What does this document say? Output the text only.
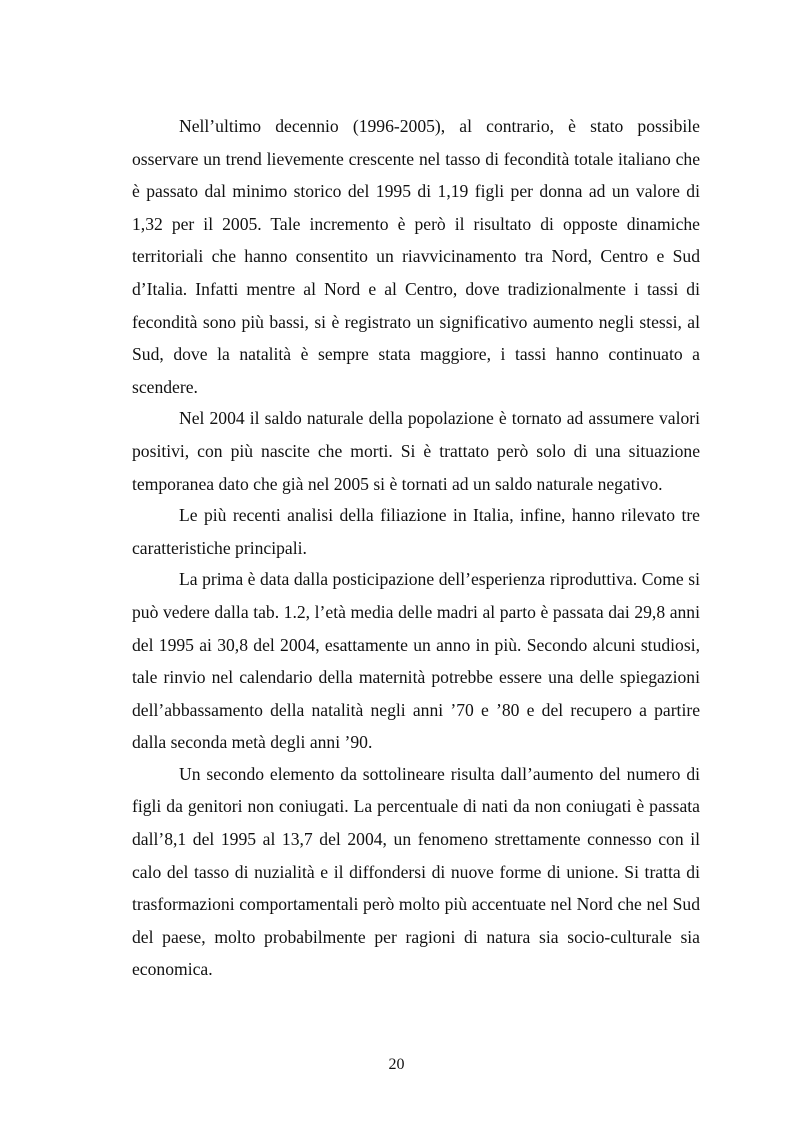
Nell’ultimo decennio (1996-2005), al contrario, è stato possibile osservare un trend lievemente crescente nel tasso di fecondità totale italiano che è passato dal minimo storico del 1995 di 1,19 figli per donna ad un valore di 1,32 per il 2005. Tale incremento è però il risultato di opposte dinamiche territoriali che hanno consentito un riavvicinamento tra Nord, Centro e Sud d’Italia. Infatti mentre al Nord e al Centro, dove tradizionalmente i tassi di fecondità sono più bassi, si è registrato un significativo aumento negli stessi, al Sud, dove la natalità è sempre stata maggiore, i tassi hanno continuato a scendere.

Nel 2004 il saldo naturale della popolazione è tornato ad assumere valori positivi, con più nascite che morti. Si è trattato però solo di una situazione temporanea dato che già nel 2005 si è tornati ad un saldo naturale negativo.

Le più recenti analisi della filiazione in Italia, infine, hanno rilevato tre caratteristiche principali.

La prima è data dalla posticipazione dell’esperienza riproduttiva. Come si può vedere dalla tab. 1.2, l’età media delle madri al parto è passata dai 29,8 anni del 1995 ai 30,8 del 2004, esattamente un anno in più. Secondo alcuni studiosi, tale rinvio nel calendario della maternità potrebbe essere una delle spiegazioni dell’abbassamento della natalità negli anni ’70 e ’80 e del recupero a partire dalla seconda metà degli anni ’90.

Un secondo elemento da sottolineare risulta dall’aumento del numero di figli da genitori non coniugati. La percentuale di nati da non coniugati è passata dall’8,1 del 1995 al 13,7 del 2004, un fenomeno strettamente connesso con il calo del tasso di nuzialità e il diffondersi di nuove forme di unione. Si tratta di trasformazioni comportamentali però molto più accentuate nel Nord che nel Sud del paese, molto probabilmente per ragioni di natura sia socio-culturale sia economica.

20
